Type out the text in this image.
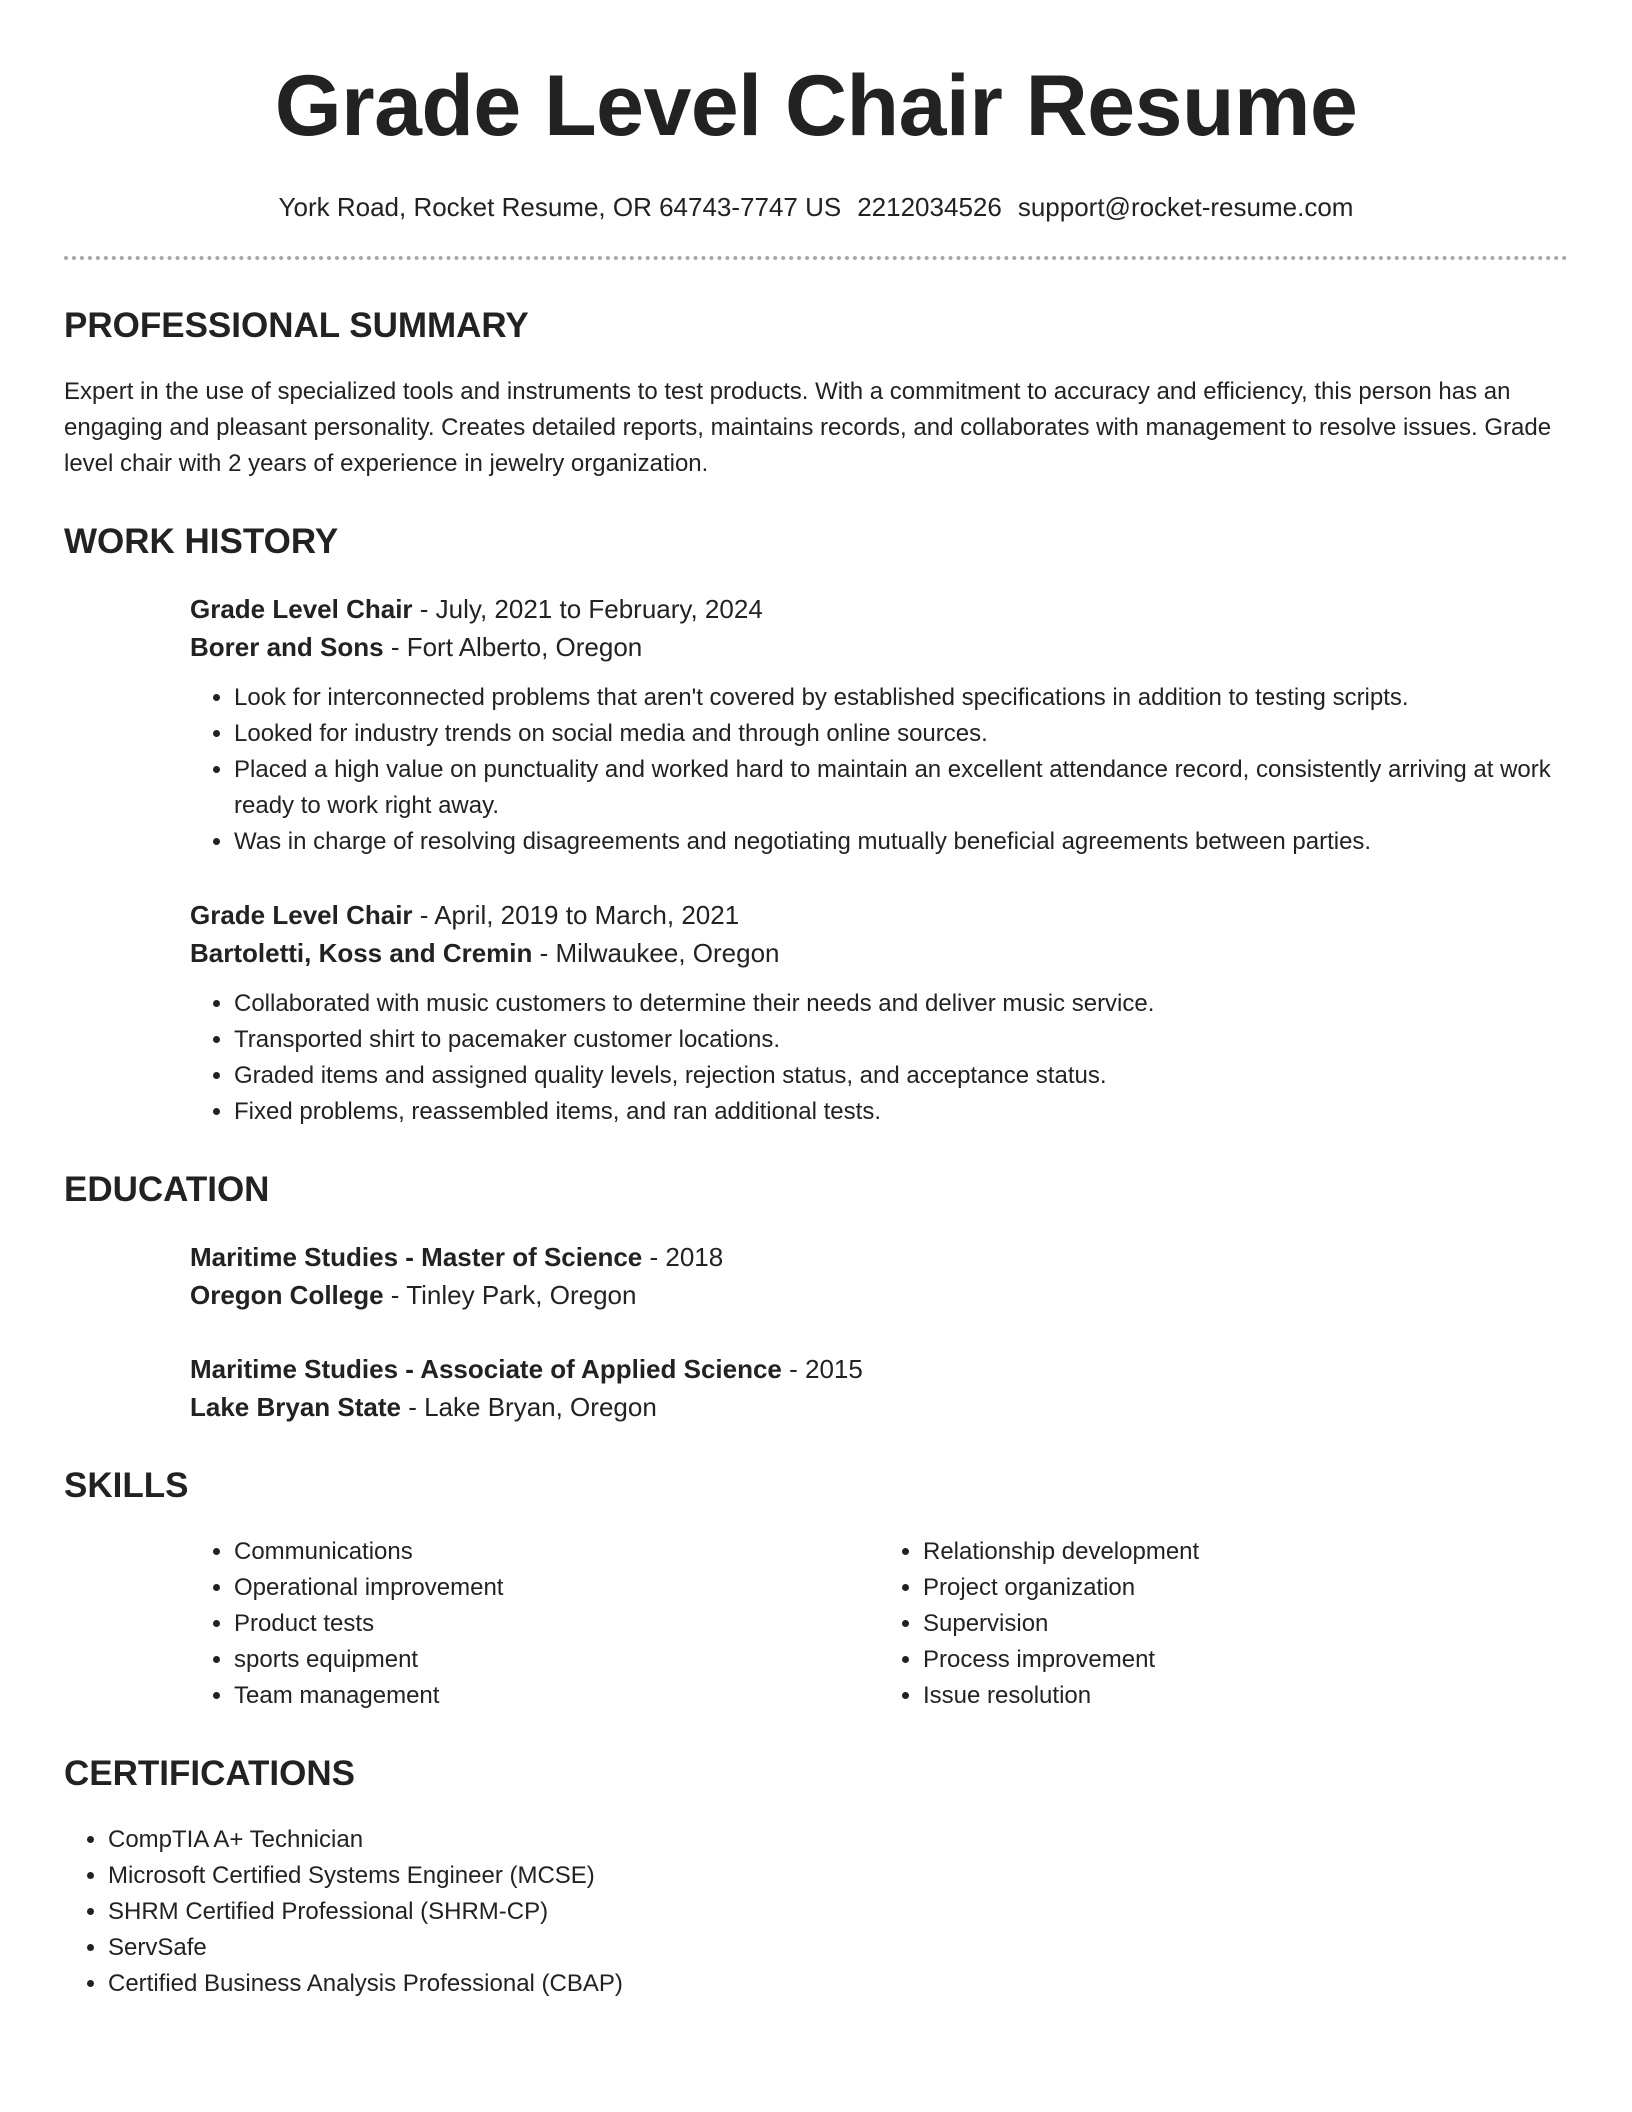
Grade Level Chair Resume
York Road, Rocket Resume, OR 64743-7747 US 2212034526 support@rocket-resume.com
PROFESSIONAL SUMMARY

Expert in the use of specialized tools and instruments to test products. With a commitment to accuracy and efficiency, this person has an engaging and pleasant personality. Creates detailed reports, maintains records, and collaborates with management to resolve issues. Grade level chair with 2 years of experience in jewelry organization.

WORK HISTORY
Grade Level Chair - July, 2021 to February, 2024
Borer and Sons - Fort Alberto, Oregon
• Look for interconnected problems that aren't covered by established specifications in addition to testing scripts.
• Looked for industry trends on social media and through online sources.
• Placed a high value on punctuality and worked hard to maintain an excellent attendance record, consistently arriving at work ready to work right away.
• Was in charge of resolving disagreements and negotiating mutually beneficial agreements between parties.
Grade Level Chair - April, 2019 to March, 2021
Bartoletti, Koss and Cremin - Milwaukee, Oregon
• Collaborated with music customers to determine their needs and deliver music service.
• Transported shirt to pacemaker customer locations.
• Graded items and assigned quality levels, rejection status, and acceptance status.
• Fixed problems, reassembled items, and ran additional tests.
EDUCATION
Maritime Studies - Master of Science - 2018
Oregon College - Tinley Park, Oregon
Maritime Studies - Associate of Applied Science - 2015
Lake Bryan State - Lake Bryan, Oregon
SKILLS
• Communications
• Operational improvement
• Product tests
• sports equipment
• Team management
• Relationship development
• Project organization
• Supervision
• Process improvement
• Issue resolution
CERTIFICATIONS
• CompTIA A+ Technician
• Microsoft Certified Systems Engineer (MCSE)
• SHRM Certified Professional (SHRM-CP)
• ServSafe
• Certified Business Analysis Professional (CBAP)
